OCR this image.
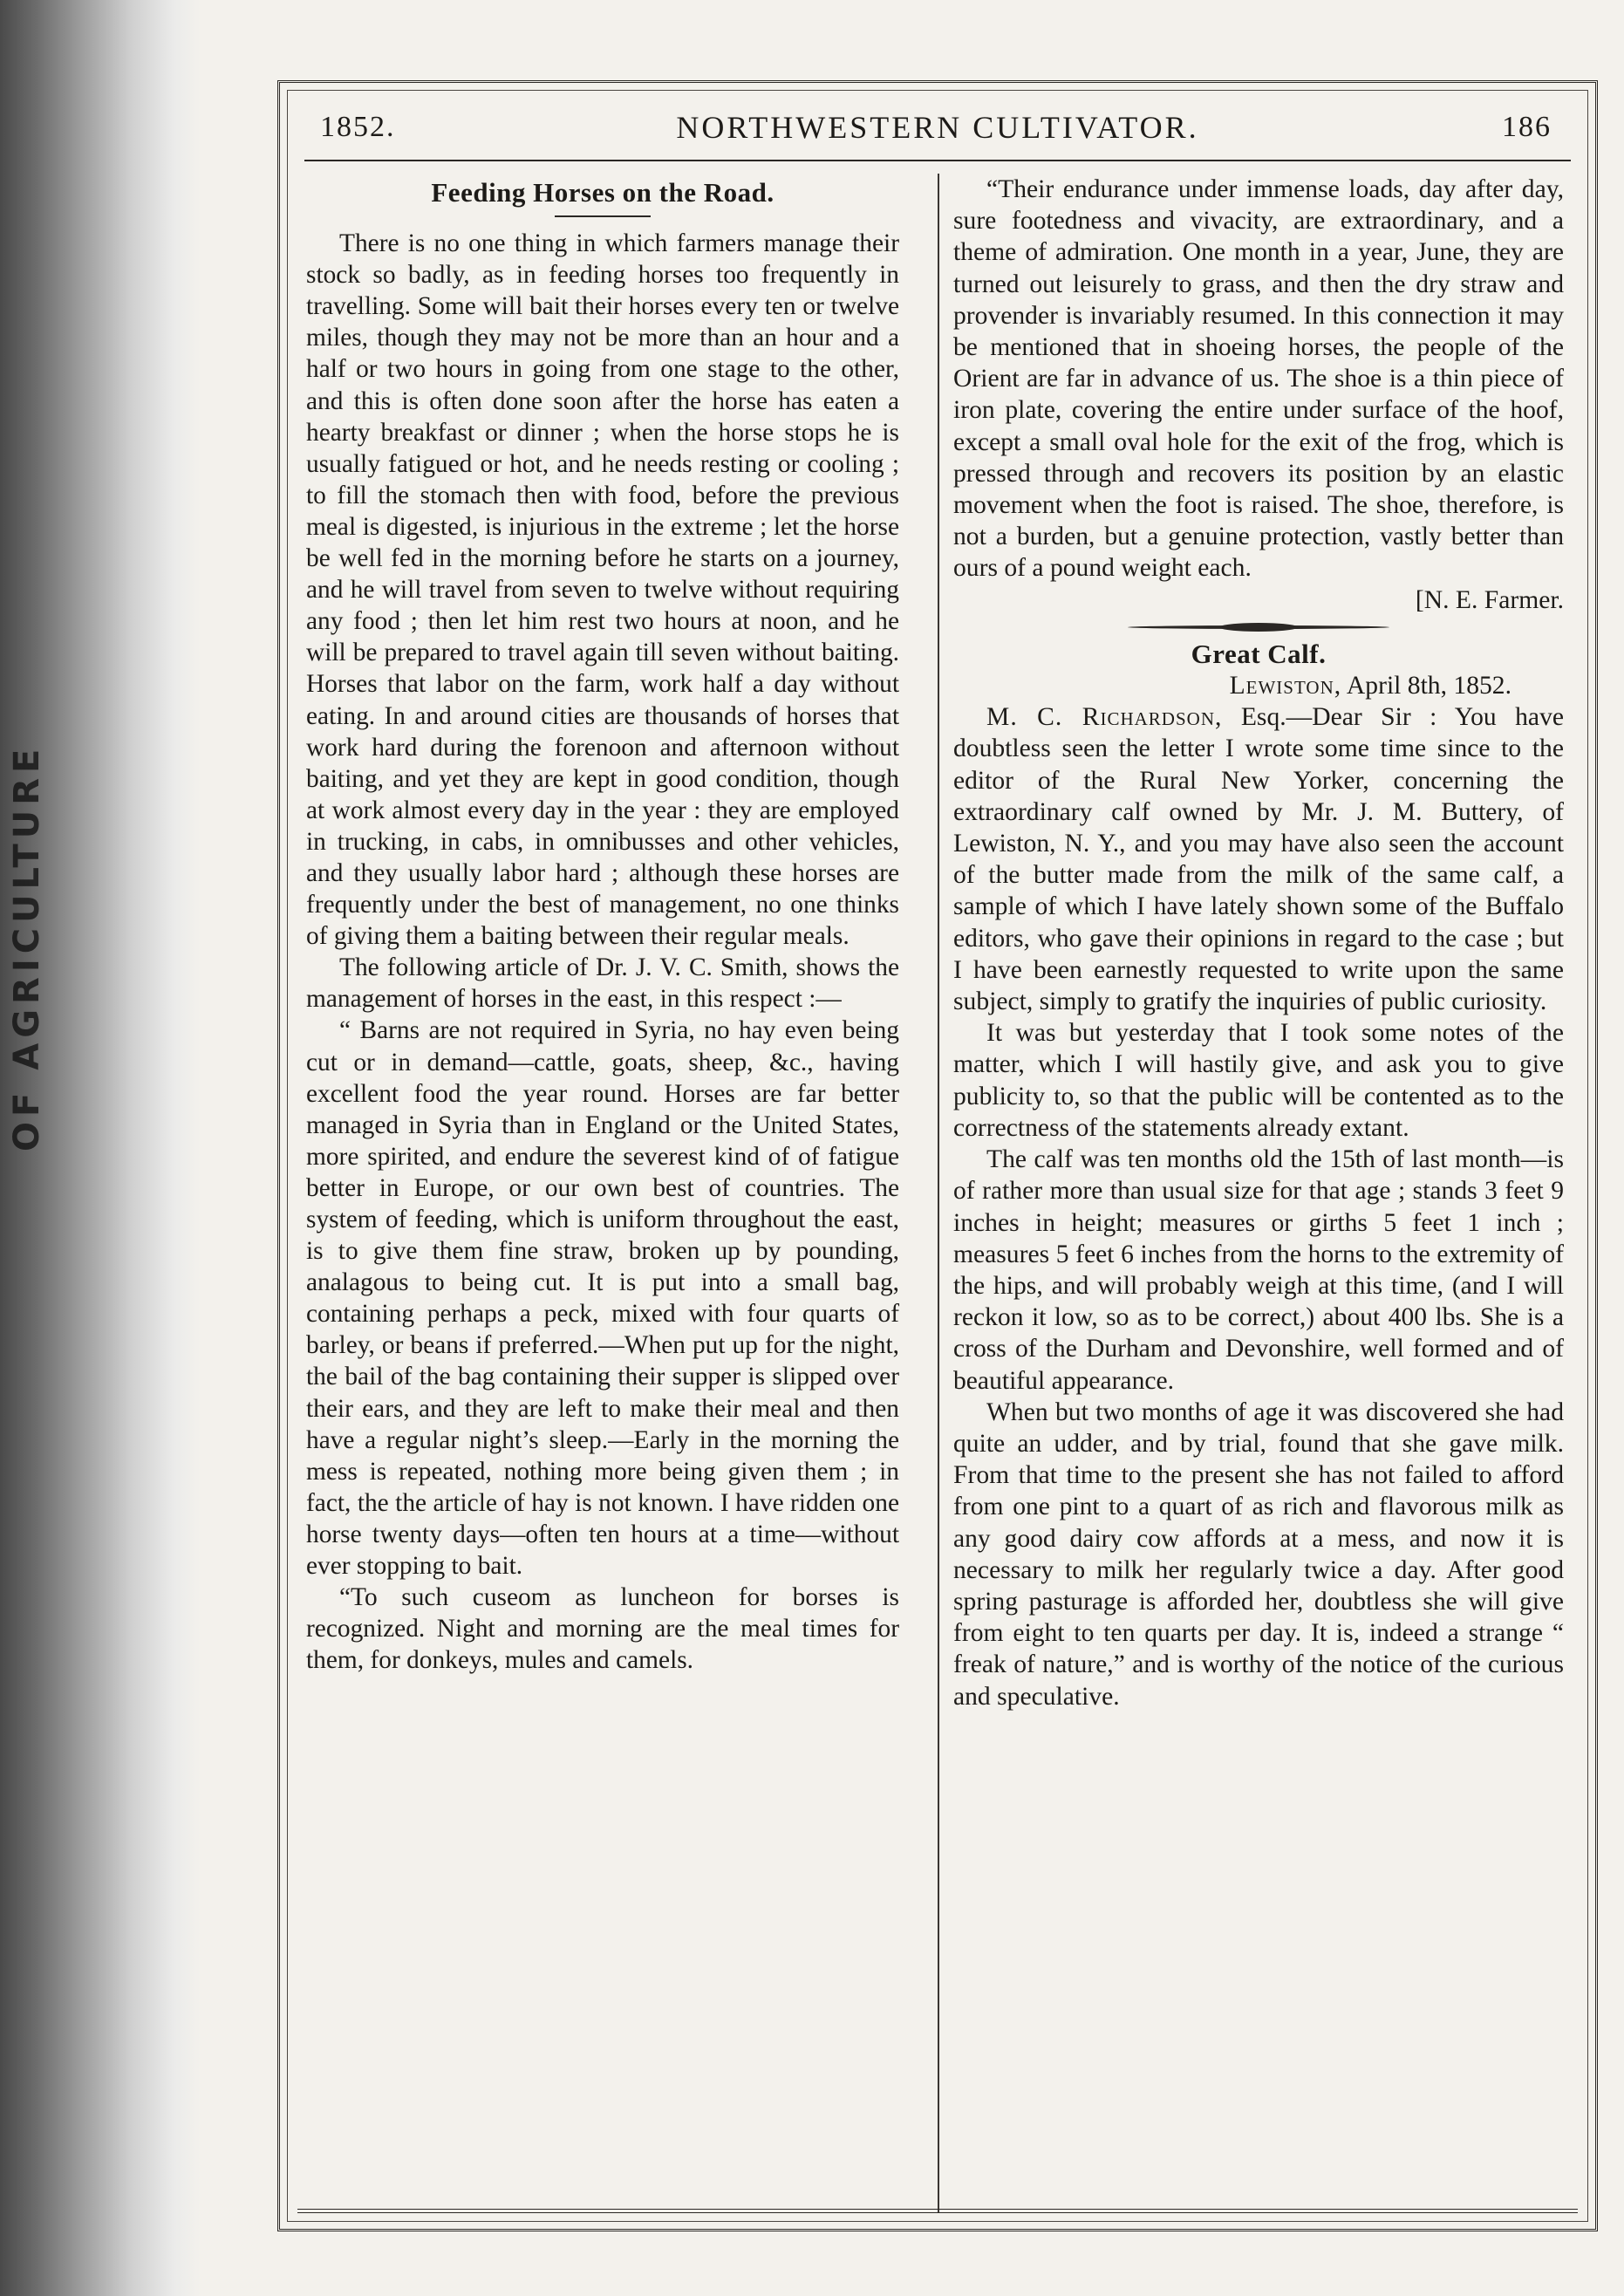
OF AGRICULTURE
1852.	NORTHWESTERN CULTIVATOR.	186
Feeding Horses on the Road.

There is no one thing in which farmers manage their stock so badly, as in feeding horses too frequently in travelling. Some will bait their horses every ten or twelve miles, though they may not be more than an hour and a half or two hours in going from one stage to the other, and this is often done soon after the horse has eaten a hearty breakfast or dinner ; when the horse stops he is usually fatigued or hot, and he needs resting or cooling ; to fill the stomach then with food, before the previous meal is digested, is injurious in the extreme ; let the horse be well fed in the morning before he starts on a journey, and he will travel from seven to twelve without requiring any food ; then let him rest two hours at noon, and he will be prepared to travel again till seven without baiting. Horses that labor on the farm, work half a day without eating. In and around cities are thousands of horses that work hard during the forenoon and afternoon without baiting, and yet they are kept in good condition, though at work almost every day in the year : they are employed in trucking, in cabs, in omnibusses and other vehicles, and they usually labor hard ; although these horses are frequently under the best of management, no one thinks of giving them a baiting between their regular meals.

The following article of Dr. J. V. C. Smith, shows the management of horses in the east, in this respect :—

“ Barns are not required in Syria, no hay even being cut or in demand—cattle, goats, sheep, &c., having excellent food the year round. Horses are far better managed in Syria than in England or the United States, more spirited, and endure the severest kind of of fatigue better in Europe, or our own best of countries. The system of feeding, which is uniform throughout the east, is to give them fine straw, broken up by pounding, analagous to being cut. It is put into a small bag, containing perhaps a peck, mixed with four quarts of barley, or beans if preferred.—When put up for the night, the bail of the bag containing their supper is slipped over their ears, and they are left to make their meal and then have a regular night’s sleep.—Early in the morning the mess is repeated, nothing more being given them ; in fact, the the article of hay is not known. I have ridden one horse twenty days—often ten hours at a time—without ever stopping to bait.

“To such cuseom as luncheon for borses is recognized. Night and morning are the meal times for them, for donkeys, mules and camels.

“Their endurance under immense loads, day after day, sure footedness and vivacity, are extraordinary, and a theme of admiration. One month in a year, June, they are turned out leisurely to grass, and then the dry straw and provender is invariably resumed. In this connection it may be mentioned that in shoeing horses, the people of the Orient are far in advance of us. The shoe is a thin piece of iron plate, covering the entire under surface of the hoof, except a small oval hole for the exit of the frog, which is pressed through and recovers its position by an elastic movement when the foot is raised. The shoe, therefore, is not a burden, but a genuine protection, vastly better than ours of a pound weight each.

[N. E. Farmer.

Great Calf.

Lewiston, April 8th, 1852.

M. C. Richardson, Esq.—Dear Sir : You have doubtless seen the letter I wrote some time since to the editor of the Rural New Yorker, concerning the extraordinary calf owned by Mr. J. M. Buttery, of Lewiston, N. Y., and you may have also seen the account of the butter made from the milk of the same calf, a sample of which I have lately shown some of the Buffalo editors, who gave their opinions in regard to the case ; but I have been earnestly requested to write upon the same subject, simply to gratify the inquiries of public curiosity.

It was but yesterday that I took some notes of the matter, which I will hastily give, and ask you to give publicity to, so that the public will be contented as to the correctness of the statements already extant.

The calf was ten months old the 15th of last month—is of rather more than usual size for that age ; stands 3 feet 9 inches in height; measures or girths 5 feet 1 inch ; measures 5 feet 6 inches from the horns to the extremity of the hips, and will probably weigh at this time, (and I will reckon it low, so as to be correct,) about 400 lbs. She is a cross of the Durham and Devonshire, well formed and of beautiful appearance.

When but two months of age it was discovered she had quite an udder, and by trial, found that she gave milk. From that time to the present she has not failed to afford from one pint to a quart of as rich and flavorous milk as any good dairy cow affords at a mess, and now it is necessary to milk her regularly twice a day. After good spring pasturage is afforded her, doubtless she will give from eight to ten quarts per day. It is, indeed a strange “ freak of nature,” and is worthy of the notice of the curious and speculative.
